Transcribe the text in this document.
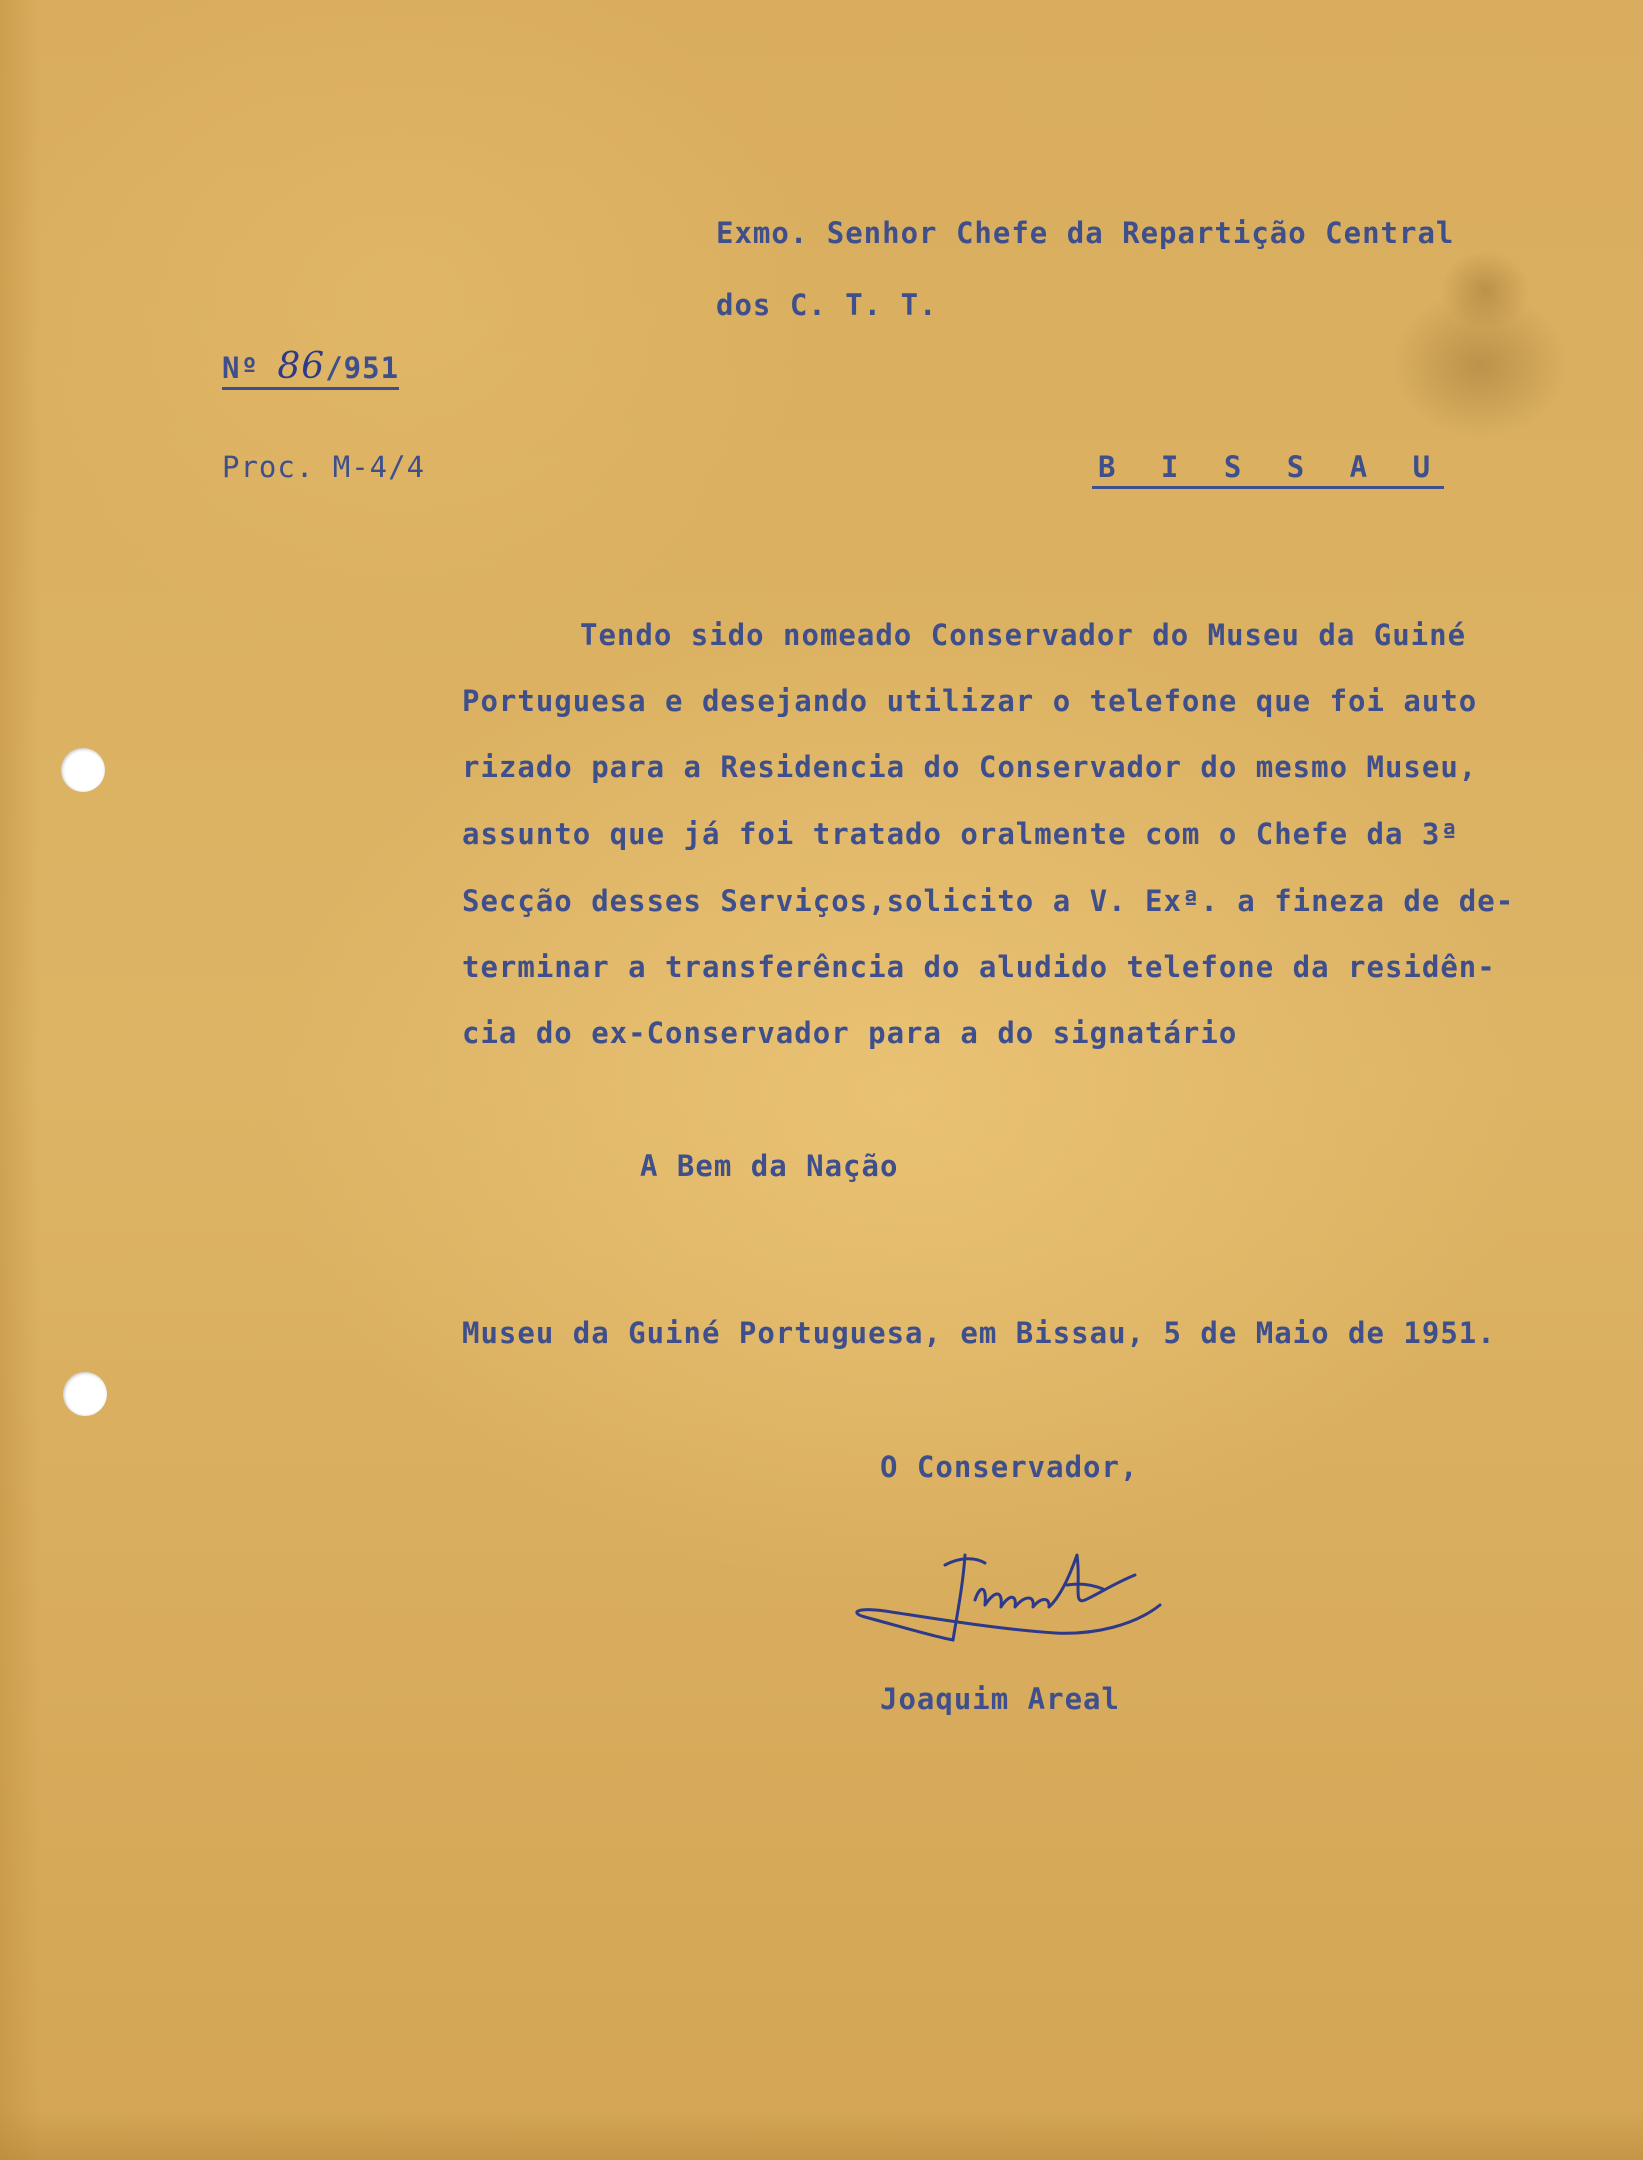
Exmo. Senhor Chefe da Repartição Central
dos C. T. T.
Nº 86/951
Proc. M-4/4	B I S S A U
Tendo sido nomeado Conservador do Museu da Guiné
Portuguesa e desejando utilizar o telefone que foi auto
rizado para a Residencia do Conservador do mesmo Museu,
assunto que já foi tratado oralmente com o Chefe da 3ª
Secção desses Serviços,solicito a V. Exª. a fineza de de-
terminar a transferência do aludido telefone da residên-
cia do ex-Conservador para a do signatário
A Bem da Nação
Museu da Guiné Portuguesa, em Bissau, 5 de Maio de 1951.
O Conservador,
Joaquim Areal
